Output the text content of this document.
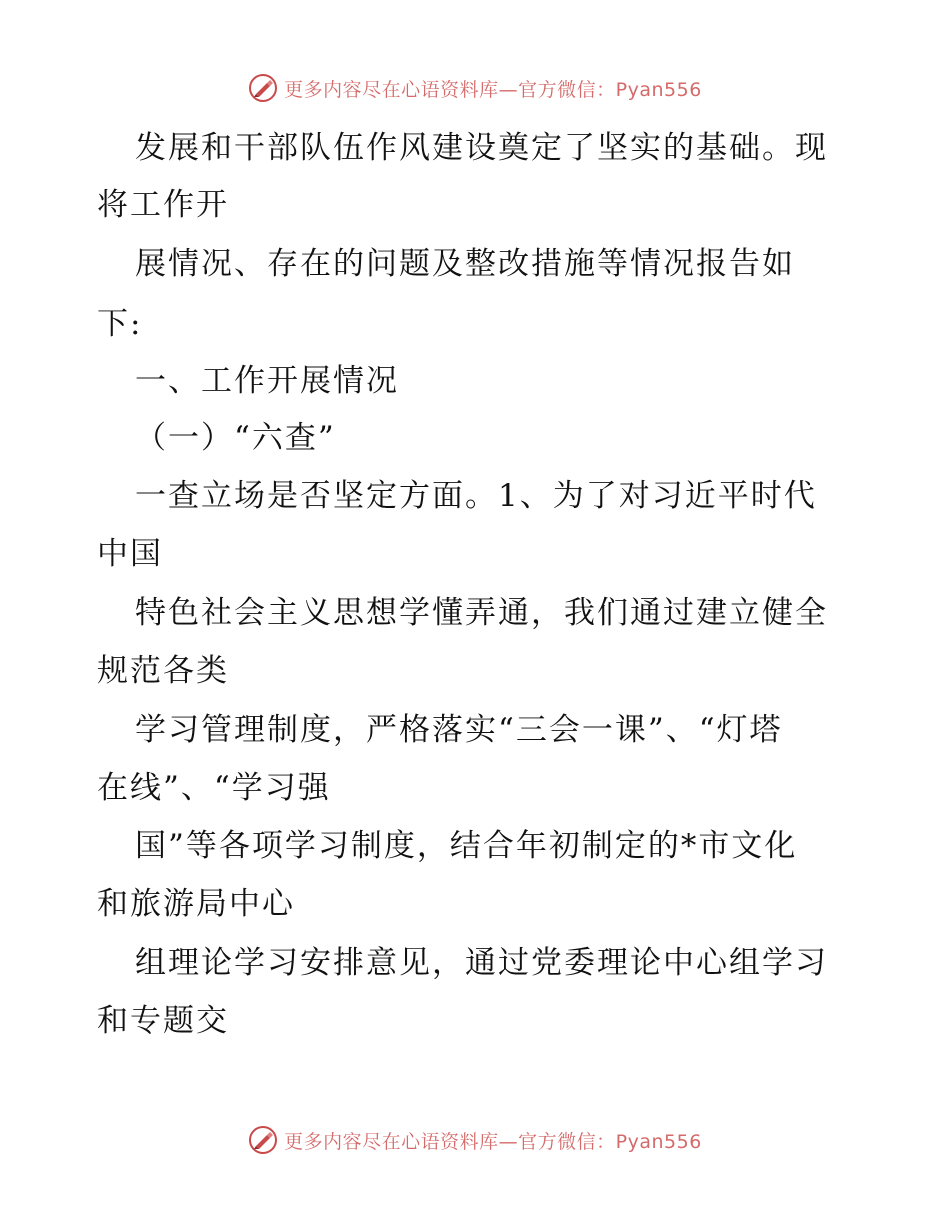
更多内容尽在心语资料库—官方微信：Pyan556
发展和干部队伍作风建设奠定了坚实的基础。现
将工作开
展情况、存在的问题及整改措施等情况报告如
下:
一、工作开展情况
（一）“六查”
一查立场是否坚定方面。1、为了对习近平时代
中国
特色社会主义思想学懂弄通，我们通过建立健全
规范各类
学习管理制度，严格落实“三会一课”、“灯塔
在线”、“学习强
国”等各项学习制度，结合年初制定的*市文化
和旅游局中心
组理论学习安排意见，通过党委理论中心组学习
和专题交
更多内容尽在心语资料库—官方微信：Pyan556
